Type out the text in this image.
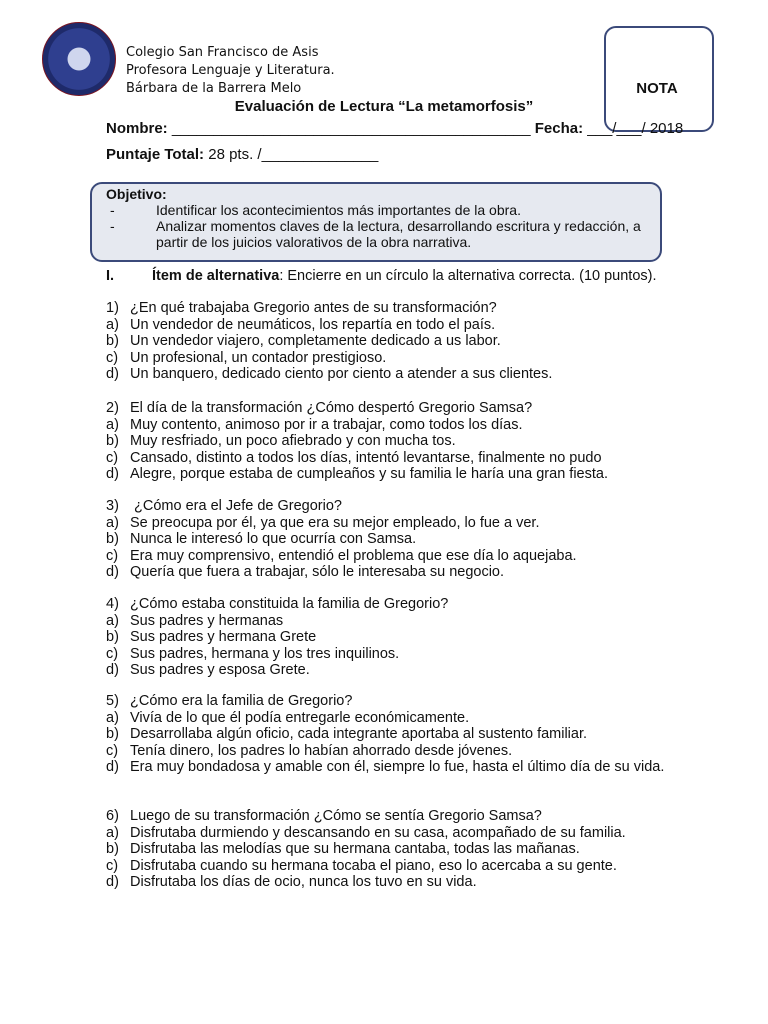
Colegio San Francisco de Asis
Profesora Lenguaje y Literatura.
Bárbara de la Barrera Melo	NOTA
Evaluación de Lectura “La metamorfosis”
Nombre: ___________________________________________ Fecha: ___/___/ 2018
Puntaje Total: 28 pts. /______________
Objetivo:
-	Identificar los acontecimientos más importantes de la obra.
-	Analizar momentos claves de la lectura, desarrollando escritura y redacción, a partir de los juicios valorativos de la obra narrativa.
I.	Ítem de alternativa: Encierre en un círculo la alternativa correcta. (10 puntos).
1) ¿En qué trabajaba Gregorio antes de su transformación?
a) Un vendedor de neumáticos, los repartía en todo el país.
b) Un vendedor viajero, completamente dedicado a us labor.
c) Un profesional, un contador prestigioso.
d) Un banquero, dedicado ciento por ciento a atender a sus clientes.
2) El día de la transformación ¿Cómo despertó Gregorio Samsa?
a) Muy contento, animoso por ir a trabajar, como todos los días.
b) Muy resfriado, un poco afiebrado y con mucha tos.
c) Cansado, distinto a todos los días, intentó levantarse, finalmente no pudo
d) Alegre, porque estaba de cumpleaños y su familia le haría una gran fiesta.
3) ¿Cómo era el Jefe de Gregorio?
a) Se preocupa por él, ya que era su mejor empleado, lo fue a ver.
b) Nunca le interesó lo que ocurría con Samsa.
c) Era muy comprensivo, entendió el problema que ese día lo aquejaba.
d) Quería que fuera a trabajar, sólo le interesaba su negocio.
4) ¿Cómo estaba constituida la familia de Gregorio?
a) Sus padres y hermanas
b) Sus padres y hermana Grete
c) Sus padres, hermana y los tres inquilinos.
d) Sus padres y esposa Grete.
5) ¿Cómo era la familia de Gregorio?
a) Vivía de lo que él podía entregarle económicamente.
b) Desarrollaba algún oficio, cada integrante aportaba al sustento familiar.
c) Tenía dinero, los padres lo habían ahorrado desde jóvenes.
d) Era muy bondadosa y amable con él, siempre lo fue, hasta el último día de su vida.
6) Luego de su transformación ¿Cómo se sentía Gregorio Samsa?
a) Disfrutaba durmiendo y descansando en su casa, acompañado de su familia.
b) Disfrutaba las melodías que su hermana cantaba, todas las mañanas.
c) Disfrutaba cuando su hermana tocaba el piano, eso lo acercaba a su gente.
d) Disfrutaba los días de ocio, nunca los tuvo en su vida.
